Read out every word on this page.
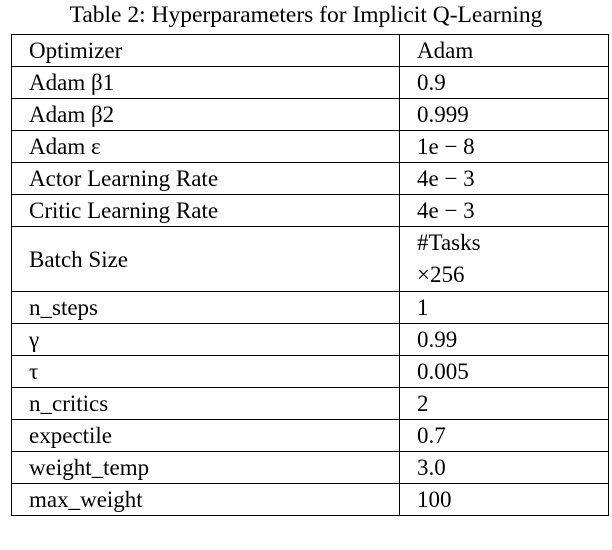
Table 2: Hyperparameters for Implicit Q-Learning
Optimizer	Adam
Adam β1	0.9
Adam β2	0.999
Adam ε	1e − 8
Actor Learning Rate	4e − 3
Critic Learning Rate	4e − 3
Batch Size	#Tasks
×256
n_steps	1
γ	0.99
τ	0.005
n_critics	2
expectile	0.7
weight_temp	3.0
max_weight	100
